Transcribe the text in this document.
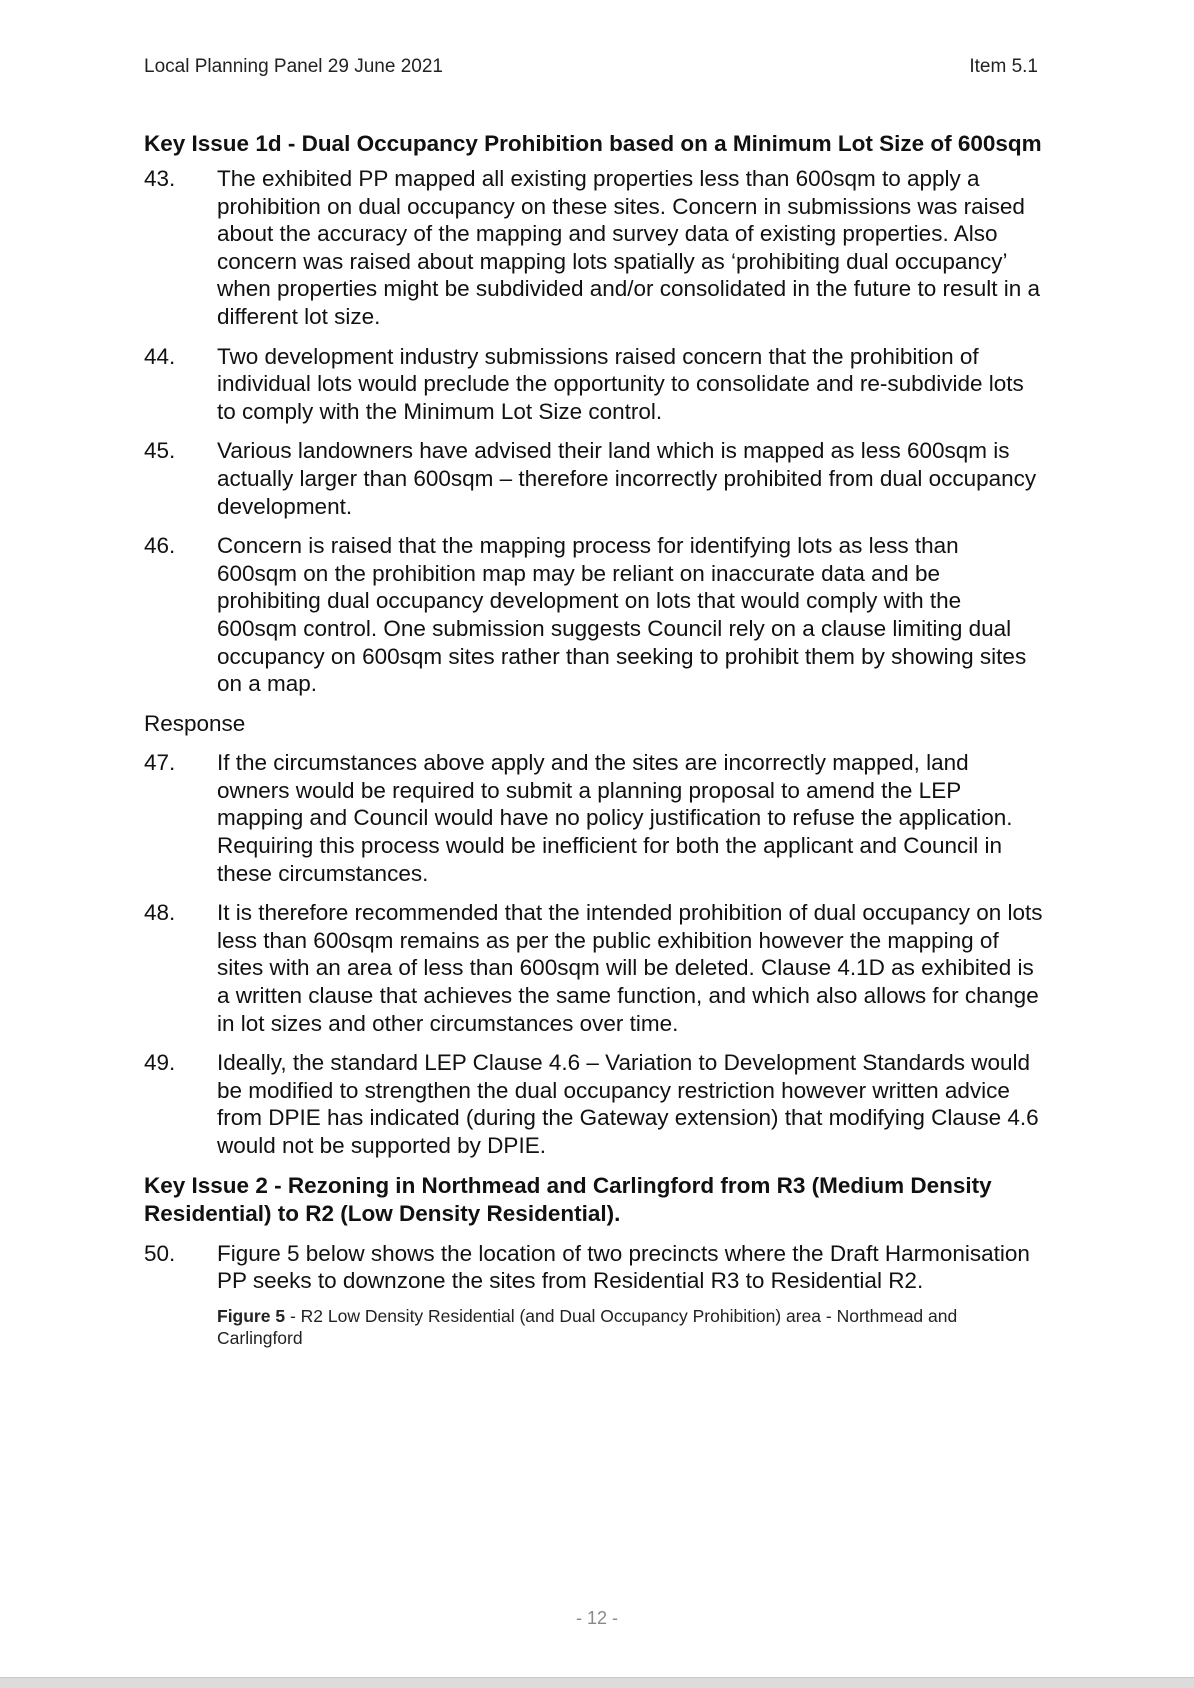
Local Planning Panel 29 June 2021	Item 5.1
Key Issue 1d - Dual Occupancy Prohibition based on a Minimum Lot Size of 600sqm
43.	The exhibited PP mapped all existing properties less than 600sqm to apply a prohibition on dual occupancy on these sites. Concern in submissions was raised about the accuracy of the mapping and survey data of existing properties. Also concern was raised about mapping lots spatially as ‘prohibiting dual occupancy’ when properties might be subdivided and/or consolidated in the future to result in a different lot size.
44.	Two development industry submissions raised concern that the prohibition of individual lots would preclude the opportunity to consolidate and re-subdivide lots to comply with the Minimum Lot Size control.
45.	Various landowners have advised their land which is mapped as less 600sqm is actually larger than 600sqm – therefore incorrectly prohibited from dual occupancy development.
46.	Concern is raised that the mapping process for identifying lots as less than 600sqm on the prohibition map may be reliant on inaccurate data and be prohibiting dual occupancy development on lots that would comply with the 600sqm control. One submission suggests Council rely on a clause limiting dual occupancy on 600sqm sites rather than seeking to prohibit them by showing sites on a map.
Response
47.	If the circumstances above apply and the sites are incorrectly mapped, land owners would be required to submit a planning proposal to amend the LEP mapping and Council would have no policy justification to refuse the application. Requiring this process would be inefficient for both the applicant and Council in these circumstances.
48.	It is therefore recommended that the intended prohibition of dual occupancy on lots less than 600sqm remains as per the public exhibition however the mapping of sites with an area of less than 600sqm will be deleted. Clause 4.1D as exhibited is a written clause that achieves the same function, and which also allows for change in lot sizes and other circumstances over time.
49.	Ideally, the standard LEP Clause 4.6 – Variation to Development Standards would be modified to strengthen the dual occupancy restriction however written advice from DPIE has indicated (during the Gateway extension) that modifying Clause 4.6 would not be supported by DPIE.
Key Issue 2 - Rezoning in Northmead and Carlingford from R3 (Medium Density Residential) to R2 (Low Density Residential).
50.	Figure 5 below shows the location of two precincts where the Draft Harmonisation PP seeks to downzone the sites from Residential R3 to Residential R2.
Figure 5 - R2 Low Density Residential (and Dual Occupancy Prohibition) area - Northmead and Carlingford
- 12 -
